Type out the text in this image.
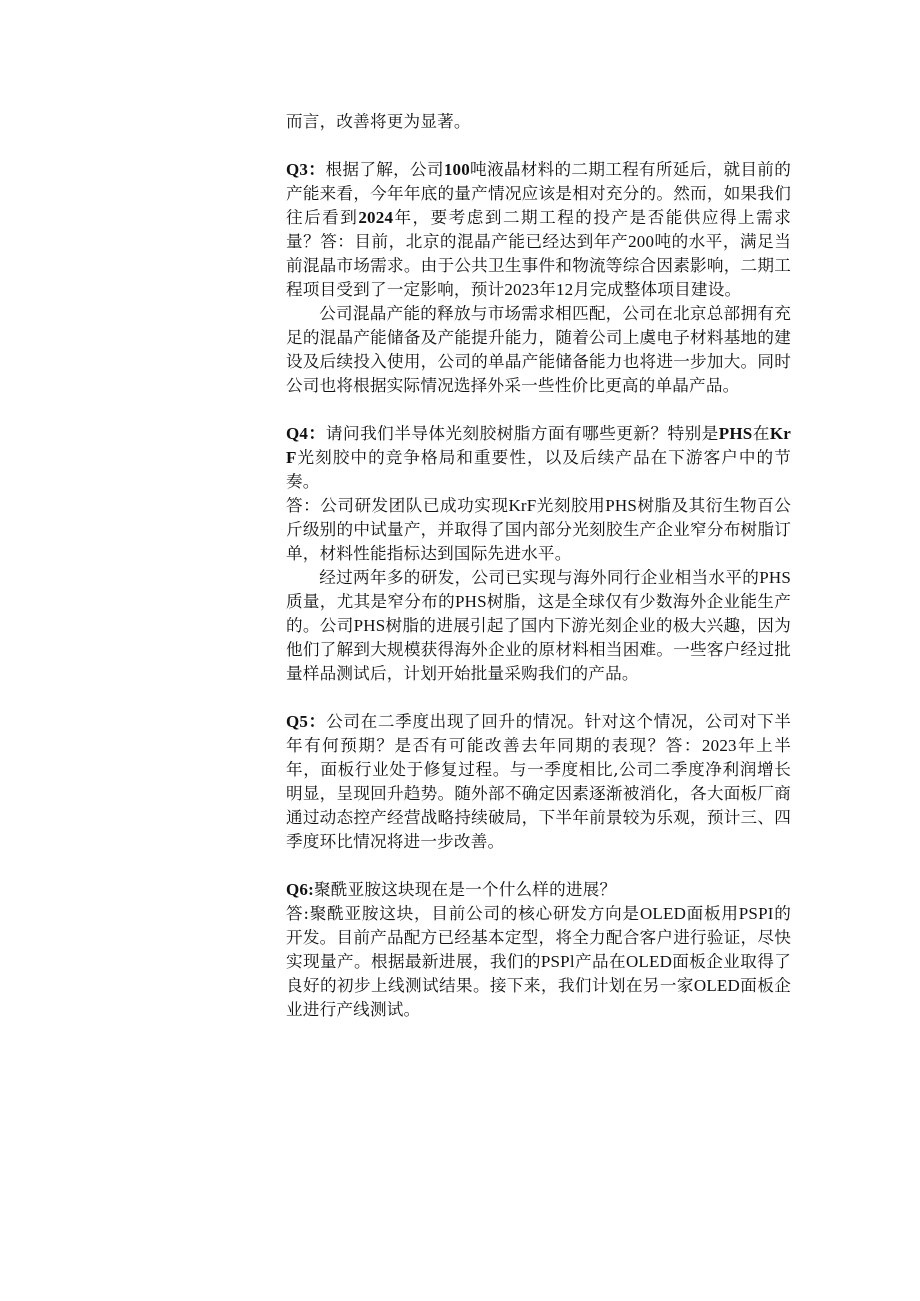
而言，改善将更为显著。

Q3：根据了解，公司100吨液晶材料的二期工程有所延后，就目前的产能来看，今年年底的量产情况应该是相对充分的。然而，如果我们往后看到2024年，要考虑到二期工程的投产是否能供应得上需求量？答：目前，北京的混晶产能已经达到年产200吨的水平，满足当前混晶市场需求。由于公共卫生事件和物流等综合因素影响，二期工程项目受到了一定影响，预计2023年12月完成整体项目建设。

公司混晶产能的释放与市场需求相匹配，公司在北京总部拥有充足的混晶产能储备及产能提升能力，随着公司上虞电子材料基地的建设及后续投入使用，公司的单晶产能储备能力也将进一步加大。同时公司也将根据实际情况选择外采一些性价比更高的单晶产品。

Q4：请问我们半导体光刻胶树脂方面有哪些更新？特别是PHS在KrF光刻胶中的竞争格局和重要性，以及后续产品在下游客户中的节奏。

答：公司研发团队已成功实现KrF光刻胶用PHS树脂及其衍生物百公斤级别的中试量产，并取得了国内部分光刻胶生产企业窄分布树脂订单，材料性能指标达到国际先进水平。

经过两年多的研发，公司已实现与海外同行企业相当水平的PHS质量，尤其是窄分布的PHS树脂，这是全球仅有少数海外企业能生产的。公司PHS树脂的进展引起了国内下游光刻企业的极大兴趣，因为他们了解到大规模获得海外企业的原材料相当困难。一些客户经过批量样品测试后，计划开始批量采购我们的产品。

Q5：公司在二季度出现了回升的情况。针对这个情况，公司对下半年有何预期？是否有可能改善去年同期的表现？答：2023年上半年，面板行业处于修复过程。与一季度相比,公司二季度净利润增长明显，呈现回升趋势。随外部不确定因素逐渐被消化，各大面板厂商通过动态控产经营战略持续破局，下半年前景较为乐观，预计三、四季度环比情况将进一步改善。

Q6:聚酰亚胺这块现在是一个什么样的进展？

答:聚酰亚胺这块，目前公司的核心研发方向是OLED面板用PSPI的开发。目前产品配方已经基本定型，将全力配合客户进行验证，尽快实现量产。根据最新进展，我们的PSPl产品在OLED面板企业取得了良好的初步上线测试结果。接下来，我们计划在另一家OLED面板企业进行产线测试。
